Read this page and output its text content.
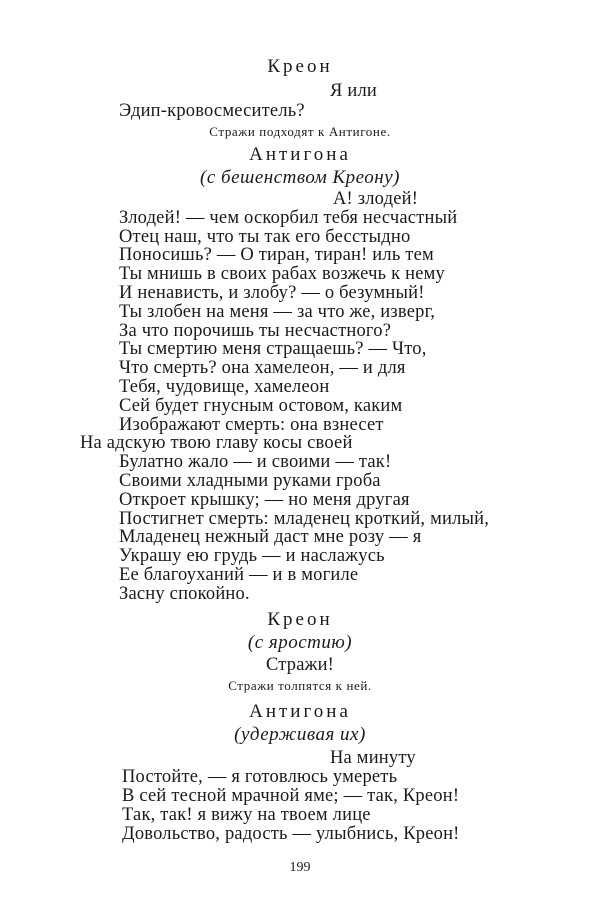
Креон
Я или
Эдип-кровосмеситель?
Стражи подходят к Антигоне.
Антигона
(с бешенством Креону)
А! злодей!
Злодей! — чем оскорбил тебя несчастный
Отец наш, что ты так его бесстыдно
Поносишь? — О тиран, тиран! иль тем
Ты мнишь в своих рабах возжечь к нему
И ненависть, и злобу? — о безумный!
Ты злобен на меня — за что же, изверг,
За что порочишь ты несчастного?
Ты смертию меня стращаешь? — Что,
Что смерть? она хамелеон, — и для
Тебя, чудовище, хамелеон
Сей будет гнусным остовом, каким
Изображают смерть: она взнесет
На адскую твою главу косы своей
Булатно жало — и своими — так!
Своими хладными руками гроба
Откроет крышку; — но меня другая
Постигнет смерть: младенец кроткий, милый,
Младенец нежный даст мне розу — я
Украшу ею грудь — и наслажусь
Ее благоуханий — и в могиле
Засну спокойно.
Креон
(с яростию)
Стражи!
Стражи толпятся к ней.
Антигона
(удерживая их)
На минуту
Постойте, — я готовлюсь умереть
В сей тесной мрачной яме; — так, Креон!
Так, так! я вижу на твоем лице
Довольство, радость — улыбнись, Креон!
199
